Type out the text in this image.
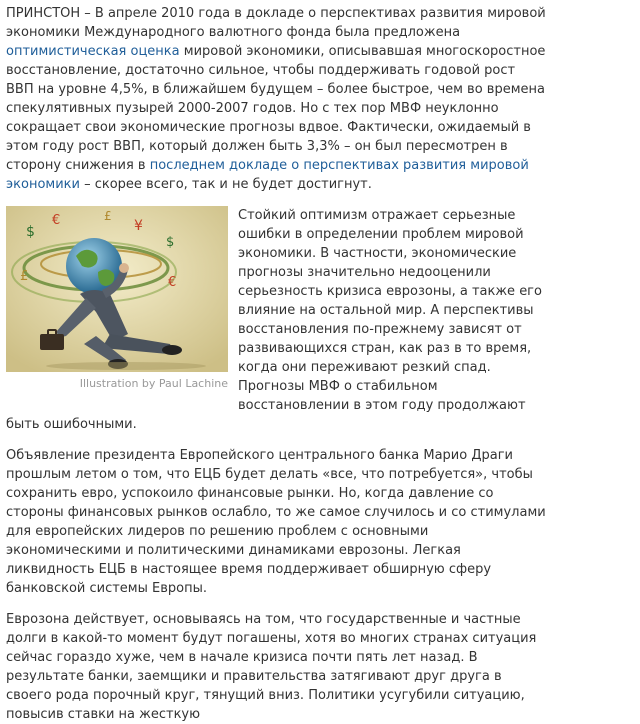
ПРИНСТОН – В апреле 2010 года в докладе о перспективах развития мировой экономики Международного валютного фонда была предложена оптимистическая оценка мировой экономики, описывавшая многоскоростное восстановление, достаточно сильное, чтобы поддерживать годовой рост ВВП на уровне 4,5%, в ближайшем будущем – более быстрое, чем во времена спекулятивных пузырей 2000-2007 годов. Но с тех пор МВФ неуклонно сокращает свои экономические прогнозы вдвое. Фактически, ожидаемый в этом году рост ВВП, который должен быть 3,3% – он был пересмотрен в сторону снижения в последнем докладе о перспективах развития мировой экономики – скорее всего, так и не будет достигнут.

$
€	¥
$
£	€
£
Illustration by Paul Lachine

Стойкий оптимизм отражает серьезные ошибки в определении проблем мировой экономики. В частности, экономические прогнозы значительно недооценили серьезность кризиса еврозоны, а также его влияние на остальной мир. А перспективы восстановления по-прежнему зависят от развивающихся стран, как раз в то время, когда они переживают резкий спад. Прогнозы МВФ о стабильном восстановлении в этом году продолжают быть ошибочными.

Объявление президента Европейского центрального банка Марио Драги прошлым летом о том, что ЕЦБ будет делать «все, что потребуется», чтобы сохранить евро, успокоило финансовые рынки. Но, когда давление со стороны финансовых рынков ослабло, то же самое случилось и со стимулами для европейских лидеров по решению проблем с основными экономическими и политическими динамиками еврозоны. Легкая ликвидность ЕЦБ в настоящее время поддерживает обширную сферу банковской системы Европы.

Еврозона действует, основываясь на том, что государственные и частные долги в какой-то момент будут погашены, хотя во многих странах ситуация сейчас гораздо хуже, чем в начале кризиса почти пять лет назад. В результате банки, заемщики и правительства затягивают друг друга в своего рода порочный круг, тянущий вниз. Политики усугубили ситуацию, повысив ставки на жесткую
